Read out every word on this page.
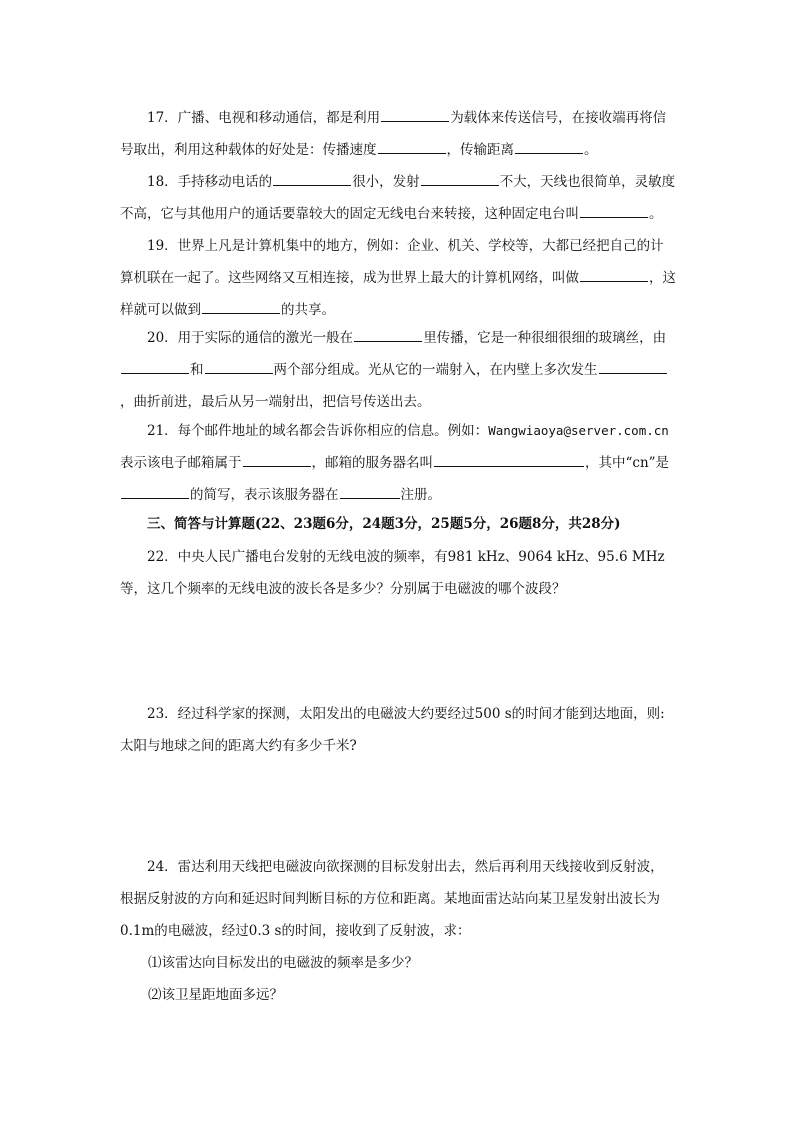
17．广播、电视和移动通信，都是利用	为载体来传送信号，在接收端再将信号取出，利用这种载体的好处是：传播速度	，传输距离	。

18．手持移动电话的	很小，发射	不大，天线也很简单，灵敏度不高，它与其他用户的通话要靠较大的固定无线电台来转接，这种固定电台叫	。

19．世界上凡是计算机集中的地方，例如：企业、机关、学校等，大都已经把自己的计算机联在一起了。这些网络又互相连接，成为世界上最大的计算机网络，叫做	，这样就可以做到	的共享。

20．用于实际的通信的激光一般在	里传播，它是一种很细很细的玻璃丝，由和	两个部分组成。光从它的一端射入，在内壁上多次发生，曲折前进，最后从另一端射出，把信号传送出去。

21．每个邮件地址的域名都会告诉你相应的信息。例如：Wangwiaoya@server.com.cn表示该电子邮箱属于	，邮箱的服务器名叫	，其中“cn”是的简写，表示该服务器在	注册。

三、简答与计算题(22、23题6分，24题3分，25题5分，26题8分，共28分)

22．中央人民广播电台发射的无线电波的频率，有981 kHz、9064 kHz、95.6 MHz等，这几个频率的无线电波的波长各是多少？分别属于电磁波的哪个波段？

23．经过科学家的探测，太阳发出的电磁波大约要经过500 s的时间才能到达地面，则:太阳与地球之间的距离大约有多少千米?

24．雷达利用天线把电磁波向欲探测的目标发射出去，然后再利用天线接收到反射波，根据反射波的方向和延迟时间判断目标的方位和距离。某地面雷达站向某卫星发射出波长为0.1m的电磁波，经过0.3 s的时间，接收到了反射波，求：

⑴该雷达向目标发出的电磁波的频率是多少？

⑵该卫星距地面多远？
